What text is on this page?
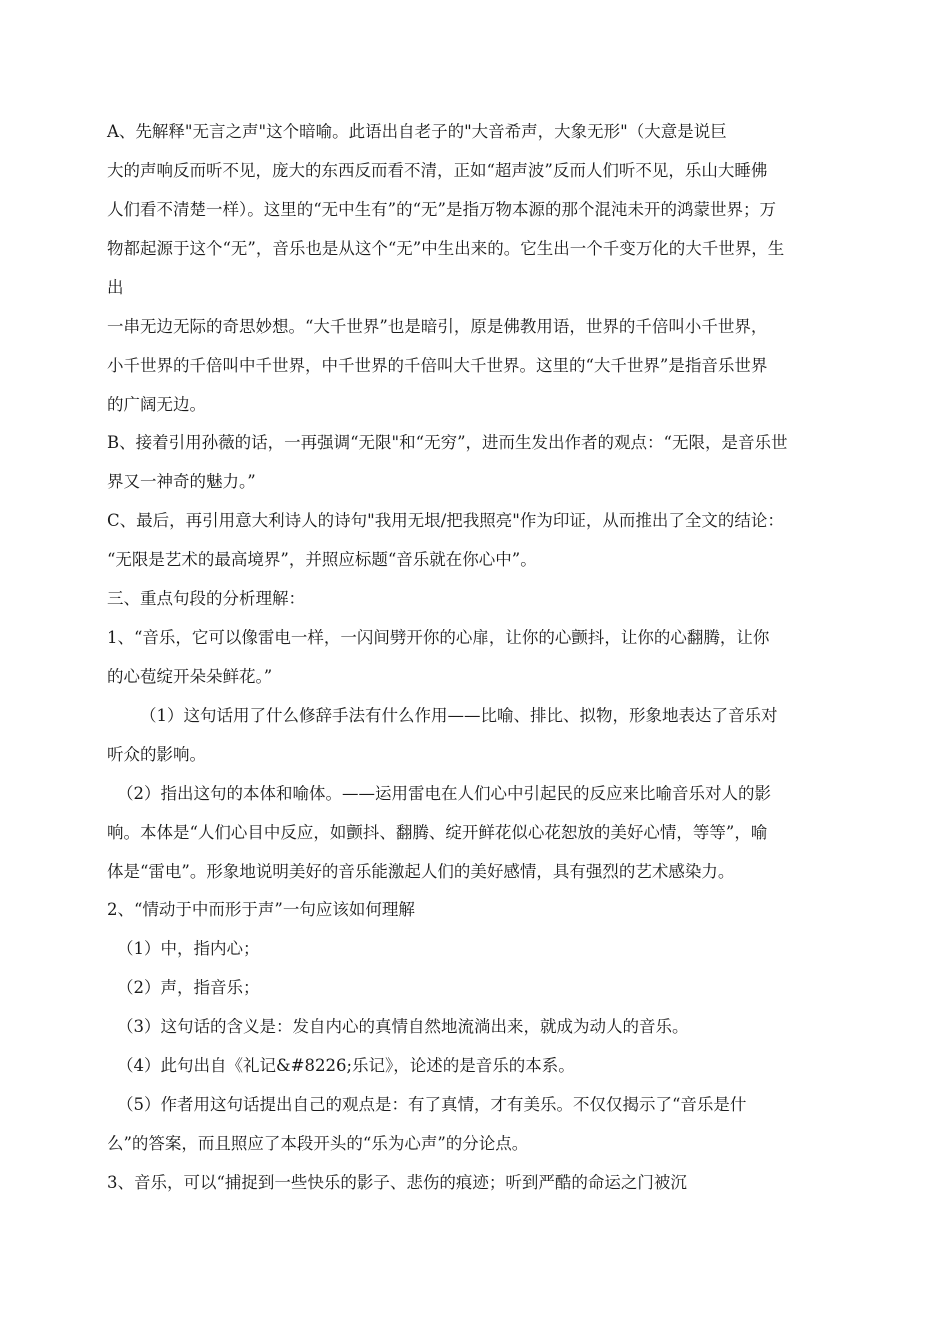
A、先解释"无言之声"这个暗喻。此语出自老子的"大音希声，大象无形"（大意是说巨
大的声响反而听不见，庞大的东西反而看不清，正如“超声波”反而人们听不见，乐山大睡佛
人们看不清楚一样）。这里的“无中生有”的“无”是指万物本源的那个混沌未开的鸿蒙世界；万
物都起源于这个“无”，音乐也是从这个“无”中生出来的。它生出一个千变万化的大千世界，生
出
一串无边无际的奇思妙想。“大千世界”也是暗引，原是佛教用语，世界的千倍叫小千世界，
小千世界的千倍叫中千世界，中千世界的千倍叫大千世界。这里的“大千世界”是指音乐世界
的广阔无边。
B、接着引用孙薇的话，一再强调“无限"和“无穷”，进而生发出作者的观点：“无限，是音乐世
界又一神奇的魅力。”
C、最后，再引用意大利诗人的诗句"我用无垠/把我照亮"作为印证，从而推出了全文的结论：
“无限是艺术的最高境界”，并照应标题“音乐就在你心中”。
三、重点句段的分析理解：
1、“音乐，它可以像雷电一样，一闪间劈开你的心扉，让你的心颤抖，让你的心翻腾，让你
的心苞绽开朵朵鲜花。”
（1）这句话用了什么修辞手法有什么作用——比喻、排比、拟物，形象地表达了音乐对
听众的影响。
（2）指出这句的本体和喻体。——运用雷电在人们心中引起民的反应来比喻音乐对人的影
响。本体是“人们心目中反应，如颤抖、翻腾、绽开鲜花似心花恕放的美好心情，等等”，喻
体是“雷电”。形象地说明美好的音乐能激起人们的美好感情，具有强烈的艺术感染力。
2、“情动于中而形于声”一句应该如何理解
（1）中，指内心；
（2）声，指音乐；
（3）这句话的含义是：发自内心的真情自然地流淌出来，就成为动人的音乐。
（4）此句出自《礼记&#8226;乐记》，论述的是音乐的本系。
（5）作者用这句话提出自己的观点是：有了真情，才有美乐。不仅仅揭示了“音乐是什
么”的答案，而且照应了本段开头的“乐为心声”的分论点。
3、音乐，可以“捕捉到一些快乐的影子、悲伤的痕迹；听到严酷的命运之门被沉
